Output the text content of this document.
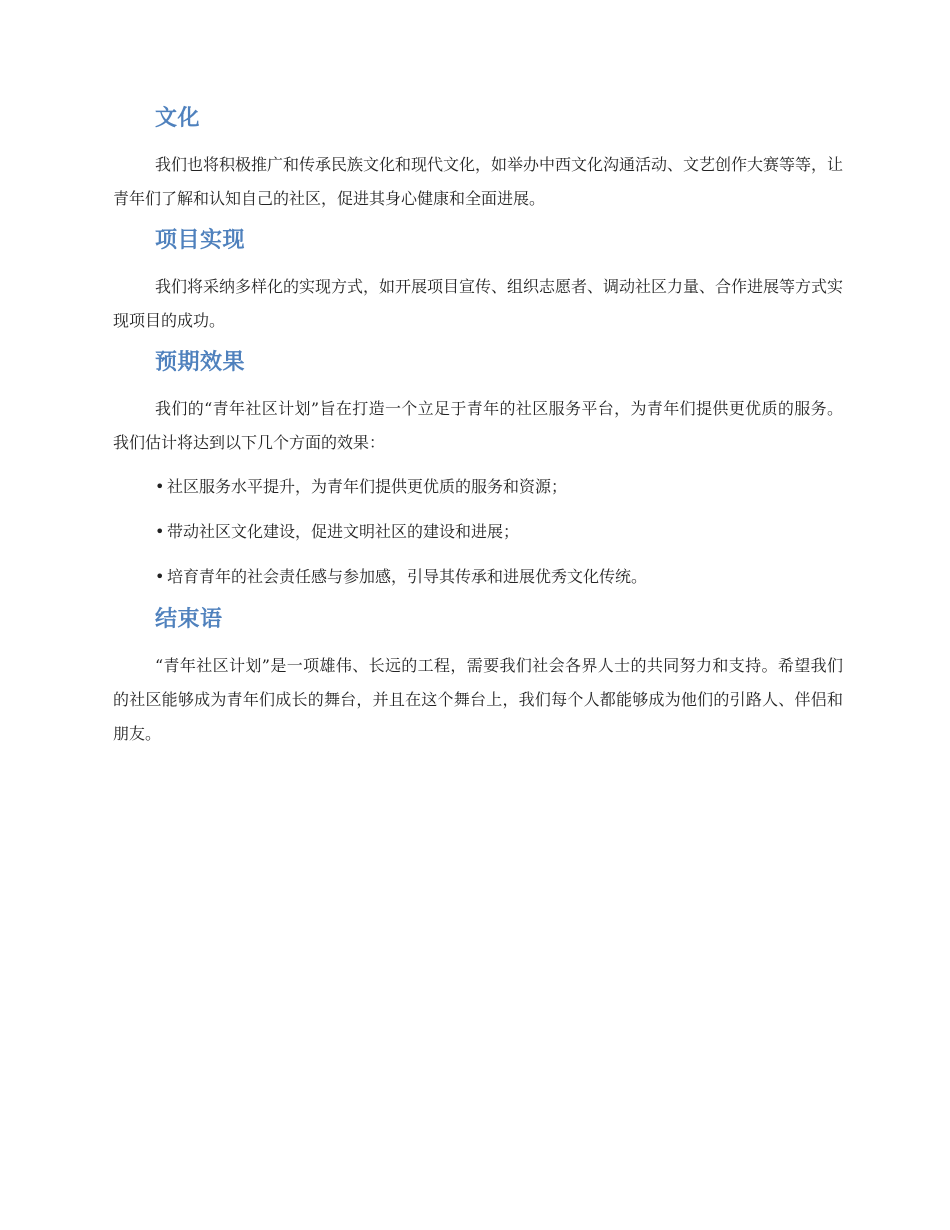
文化

我们也将积极推广和传承民族文化和现代文化，如举办中西文化沟通活动、文艺创作大赛等等，让青年们了解和认知自己的社区，促进其身心健康和全面进展。

项目实现

我们将采纳多样化的实现方式，如开展项目宣传、组织志愿者、调动社区力量、合作进展等方式实现项目的成功。

预期效果

我们的“青年社区计划”旨在打造一个立足于青年的社区服务平台，为青年们提供更优质的服务。我们估计将达到以下几个方面的效果：

• 社区服务水平提升，为青年们提供更优质的服务和资源；
• 带动社区文化建设，促进文明社区的建设和进展；
• 培育青年的社会责任感与参加感，引导其传承和进展优秀文化传统。
结束语

“青年社区计划”是一项雄伟、长远的工程，需要我们社会各界人士的共同努力和支持。希望我们的社区能够成为青年们成长的舞台，并且在这个舞台上，我们每个人都能够成为他们的引路人、伴侣和朋友。
